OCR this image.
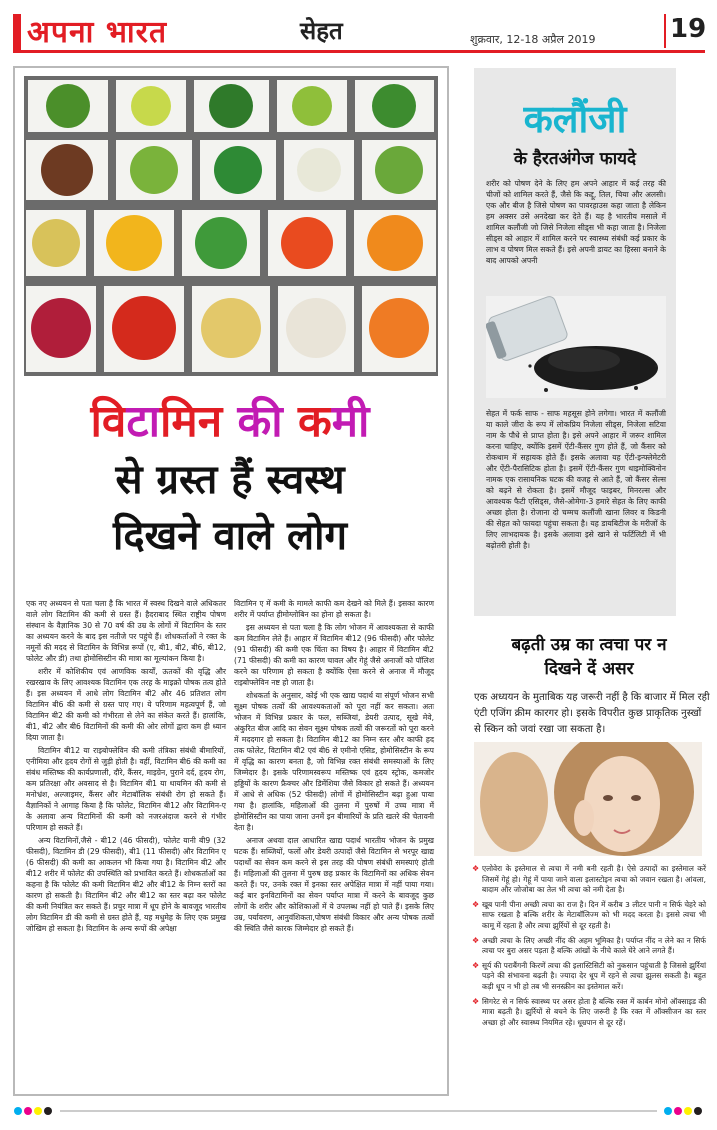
अपना भारत	सेहत	शुक्रवार, 12-18 अप्रैल 2019	19
विटामिन की कमी
से ग्रस्त हैं स्वस्थ
दिखने वाले लोग

एक नए अध्ययन से पता चला है कि भारत में स्वस्थ दिखने वाले अधिकतर वाले लोग विटामिन की कमी से ग्रस्त हैं। हैदराबाद स्थित राष्ट्रीय पोषण संस्थान के वैज्ञानिक 30 से 70 वर्ष की उम्र के लोगों में विटामिन के स्तर का अध्ययन करने के बाद इस नतीजे पर पहुंचे हैं। शोधकर्ताओं ने रक्त के नमूनों की मदद से विटामिन के विभिन्न रूपों (ए, बी1, बी2, बी6, बी12, फोलेट और डी) तथा होमोसिस्टीन की मात्रा का मूल्यांकन किया है।

शरीर में कोशिकीय एवं आणविक कार्यों, ऊतकों की वृद्धि और रखरखाव के लिए आवश्यक विटामिन एक तरह के माइक्रो पोषक तत्व होते हैं। इस अध्ययन में आधे लोग विटामिन बी2 और 46 प्रतिशत लोग विटामिन बी6 की कमी से ग्रस्त पाए गए। ये परिणाम महत्वपूर्ण हैं, जो विटामिन बी2 की कमी को गंभीरता से लेने का संकेत करते हैं। हालांकि, बी1, बी2 और बी6 विटामिनों की कमी की ओर लोगों द्वारा कम ही ध्यान दिया जाता है।

विटामिन बी12 या राइबोफ्लेविन की कमी तंत्रिका संबंधी बीमारियों, एनीमिया और हृदय रोगों से जुड़ी होती है। वहीं, विटामिन बी6 की कमी का संबंध मस्तिष्क की कार्यप्रणाली, दौरे, कैंसर, माइग्रेन, पुराने दर्द, हृदय रोग, कम प्रतिरक्षा और अवसाद से है। विटामिन बी1 या थायमिन की कमी से मनोभ्रंश, अल्जाइमर, कैंसर और मेटाबॉलिक संबंधी रोग हो सकते हैं। वैज्ञानिकों ने आगाह किया है कि फोलेट, विटामिन बी12 और विटामिन-ए के अलावा अन्य विटामिनों की कमी को नजरअंदाज करने से गंभीर परिणाम हो सकते हैं।

अन्य विटामिनों,जैसे - बी12 (46 फीसदी), फोलेट यानी बी9 (32 फीसदी), विटामिन डी (29 फीसदी), बी1 (11 फीसदी) और विटामिन ए (6 फीसदी) की कमी का आकलन भी किया गया है। विटामिन बी2 और बी12 शरीर में फोलेट की उपस्थिति को प्रभावित करते हैं। शोधकर्ताओं का कहना है कि फोलेट की कमी विटामिन बी2 और बी12 के निम्न स्तरों का कारण हो सकती है। विटामिन बी2 और बी12 का स्तर बढ़ा कर फोलेट की कमी नियंत्रित कर सकते हैं। प्रचुर मात्रा में धूप होने के बावजूद भारतीय लोग विटामिन डी की कमी से ग्रस्त होते हैं, यह मधुमेह के लिए एक प्रमुख जोखिम हो सकता है। विटामिन के अन्य रूपों की अपेक्षा

विटामिन ए में कमी के मामले काफी कम देखने को मिले हैं। इसका कारण शरीर में पर्याप्त हीमोग्लोबिन का होना हो सकता है।

इस अध्ययन से पता चला है कि लोग भोजन में आवश्यकता से काफी कम विटामिन लेते हैं। आहार में विटामिन बी12 (96 फीसदी) और फोलेट (91 फीसदी) की कमी एक चिंता का विषय है। आहार में विटामिन बी2 (71 फीसदी) की कमी का कारण चावल और गेहूं जैसे अनाजों को पॉलिश करने का परिणाम हो सकता है क्योंकि ऐसा करने से अनाज में मौजूद राइबोफ्लेविन नष्ट हो जाता है।

शोधकर्ता के अनुसार, कोई भी एक खाद्य पदार्थ या संपूर्ण भोजन सभी सूक्ष्म पोषक तत्वों की आवश्यकताओं को पूरा नहीं कर सकता। अतः भोजन में विभिन्न प्रकार के फल, सब्जियां, डेयरी उत्पाद, सूखे मेवे, अंकुरित बीज आदि का सेवन सूक्ष्म पोषक तत्वों की जरूरतों को पूरा करने में मददगार हो सकता है। विटामिन बी12 का निम्न स्तर और काफी हद तक फोलेट, विटामिन बी2 एवं बी6 से एमीनो एसिड, होमोसिस्टीन के रूप में वृद्धि का कारण बनता है, जो विभिन्न रक्त संबंधी समस्याओं के लिए जिम्मेदार है। इसके परिणामस्वरूप मस्तिष्क एवं हृदय स्ट्रोक, कमजोर हड्डियों के कारण फ्रैक्चर और डिमेंशिया जैसे विकार हो सकते हैं। अध्ययन में आधे से अधिक (52 फीसदी) लोगों में होमोसिस्टीन बढ़ा हुआ पाया गया है। हालांकि, महिलाओं की तुलना में पुरुषों में उच्च मात्रा में होमोसिस्टीन का पाया जाना उनमें इन बीमारियों के प्रति खतरे की चेतावनी देता है।

अनाज अथवा दाल आधारित खाद्य पदार्थ भारतीय भोजन के प्रमुख घटक हैं। सब्जियों, फलों और डेयरी उत्पादों जैसे विटामिन से भरपूर खाद्य पदार्थों का सेवन कम करने से इस तरह की पोषण संबंधी समस्याएं होती हैं। महिलाओं की तुलना में पुरुष छह प्रकार के विटामिनों का अधिक सेवन करते हैं। पर, उनके रक्त में इनका स्तर अपेक्षित मात्रा में नहीं पाया गया। कई बार इनविटामिनों का सेवन पर्याप्त मात्रा में करने के बावजूद कुछ लोगों के शरीर और कोशिकाओं में ये उपलब्ध नहीं हो पाते हैं। इसके लिए उम्र, पर्यावरण, आनुवंशिकता,पोषण संबंधी विकार और अन्य पोषक तत्वों की स्थिति जैसे कारक जिम्मेदार हो सकते हैं।

कलौंजी
के हैरतअंगेज फायदे

शरीर को पोषण देने के लिए हम अपने आहार में कई तरह की चीजों को शामिल करते हैं, जैसे कि कद्दू, तिल, चिया और अलसी। एक और बीज है जिसे पोषण का पावरहाउस कहा जाता है लेकिन हम अक्सर उसे अनदेखा कर देते हैं। यह है भारतीय मसाले में शामिल कलौंजी जो जिसे निजेला सीड्स भी कहा जाता है। निजेला सीड्स को आहार में शामिल करने पर स्वास्थ्य संबंधी कई प्रकार के लाभ व पोषण मिल सकते हैं। इसे अपनी डायट का हिस्सा बनाने के बाद आपको अपनी

सेहत में फर्क साफ - साफ महसूस होने लगेगा। भारत में कलौंजी या काले जीरा के रूप में लोकप्रिय निजेला सीड्स, निजेला सटिवा नाम के पौधे से प्राप्त होता है। इसे अपने आहार में जरूर शामिल करना चाहिए, क्योंकि इसमें ऐंटी-कैंसर गुण होते हैं, जो कैंसर को रोकथाम में सहायक होते हैं। इसके अलावा यह ऐंटी-इन्फ्लेमेटरी और ऐंटी-पैरासिटिक होता है। इसमें ऐंटी-कैंसर गुण थाइमोक्विनोन नामक एक रासायनिक घटक की वजह से आते हैं, जो कैंसर सेल्स को बढ़ने से रोकता है। इसमें मौजूद फाइबर, मिनरल्स और आवश्यक फैटी एसिड्स, जैसे-ओमेगा-3 हमारे सेहत के लिए काफी अच्छा होता है। रोजाना दो चम्मच कलौंजी खाना लिवर व किडनी की सेहत को फायदा पहुंचा सकता है। यह डायबिटीज के मरीजों के लिए लाभदायक है। इसके अलावा इसे खाने से फर्टिलिटी में भी बढ़ोतरी होती है।

बढ़ती उम्र का त्वचा पर न
दिखने दें असर
एक अध्ययन के मुताबिक यह जरूरी नहीं है कि बाजार में मिल रही एंटी एजिंग क्रीम कारगर हो। इसके विपरीत कुछ प्राकृतिक नुस्खों से स्किन को जवां रखा जा सकता है।
❖ एलोवेरा के इस्तेमाल से त्वचा में नमी बनी रहती है। ऐसे उत्पादों का इस्तेमाल करें जिसमें गेहूं हो। गेहूं में पाया जाने वाला इलास्टोइन त्वचा को जवान रखता है। आंवला, बादाम और जोजोबा का तेल भी त्वचा को नमी देता है।
❖ खूब पानी पीना अच्छी त्वचा का राज है। दिन में करीब 3 लीटर पानी न सिर्फ चेहरे को साफ रखता है बल्कि शरीर के मेटाबॉलिज्म को भी मदद करता है। इससे त्वचा भी कामू में रहता है और त्वचा झुर्रियों से दूर रहती है।
❖ अच्छी त्वचा के लिए अच्छी नींद की अहम भूमिका है। पर्याप्त नींद न लेने का न सिर्फ त्वचा पर बुरा असर पड़ता है बल्कि आंखों के नीचे काले घेरे आने लगते हैं।
❖ सूर्य की पराबैंगनी किरणें त्वचा की इलास्टिसिटी को नुकसान पहुंचाती है जिससे झुर्रियां पड़ने की संभावना बढ़ती है। ज्यादा देर धूप में रहने से त्वचा झुलस सकती है। बहुत कड़ी धूप न भी हो तब भी सनस्क्रीन का इस्तेमाल करें।
❖ सिगरेट से न सिर्फ स्वास्थ्य पर असर होता है बल्कि रक्त में कार्बन मोनो ऑक्साइड की मात्रा बढ़ती है। झुर्रियों से बचने के लिए जरूरी है कि रक्त में ऑक्सीजन का स्तर अच्छा हो और स्वास्थ्य नियमित रहे। धूम्रपान से दूर रहें।
